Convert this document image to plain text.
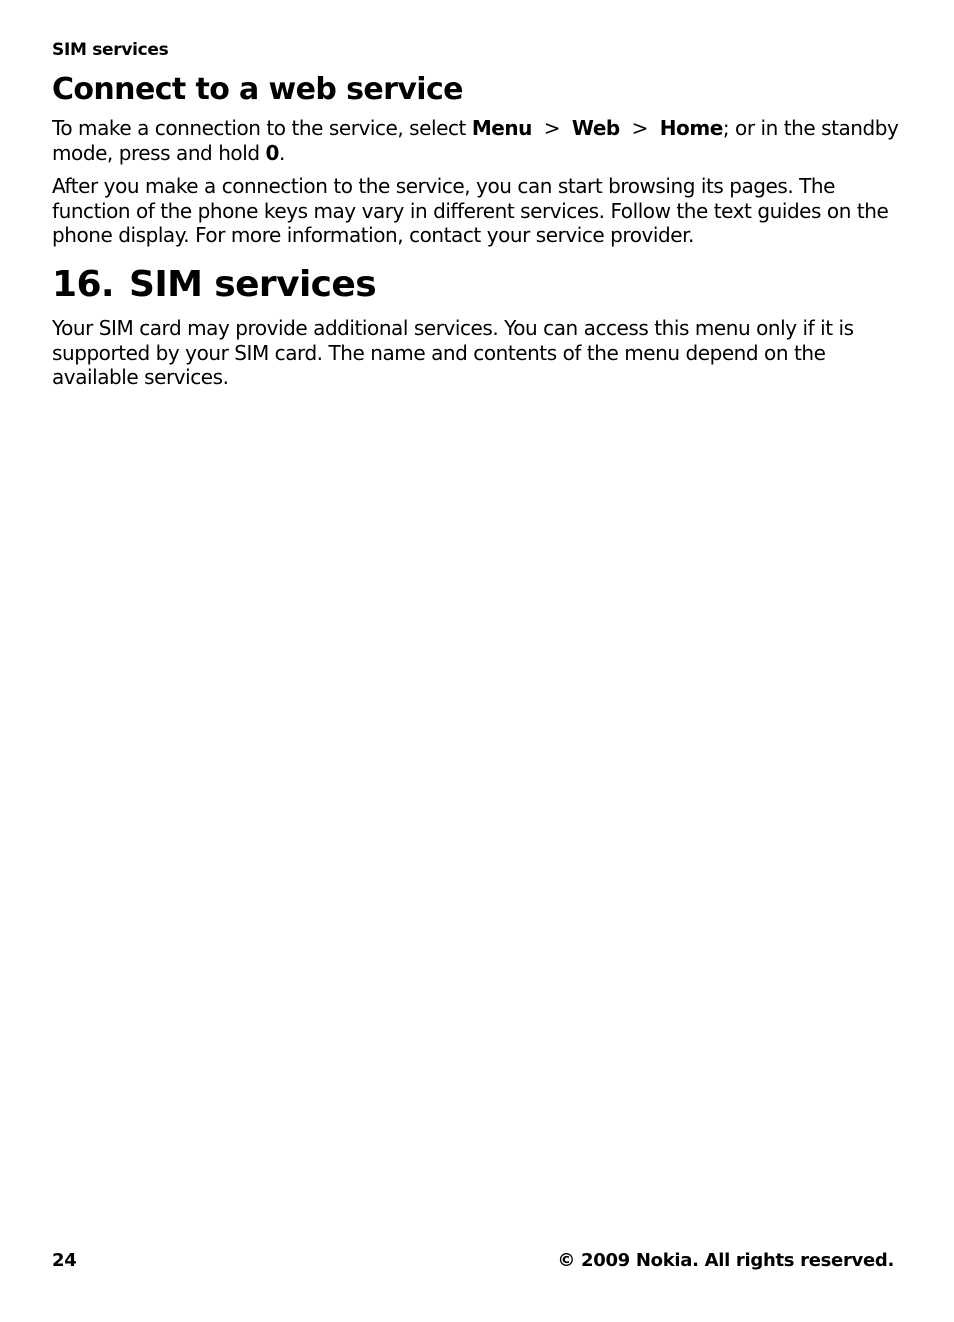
SIM services
Connect to a web service

To make a connection to the service, select Menu  >  Web  >  Home; or in the standby mode, press and hold 0.

After you make a connection to the service, you can start browsing its pages. The function of the phone keys may vary in different services. Follow the text guides on the phone display. For more information, contact your service provider.

16. SIM services

Your SIM card may provide additional services. You can access this menu only if it is supported by your SIM card. The name and contents of the menu depend on the available services.

24	© 2009 Nokia. All rights reserved.
